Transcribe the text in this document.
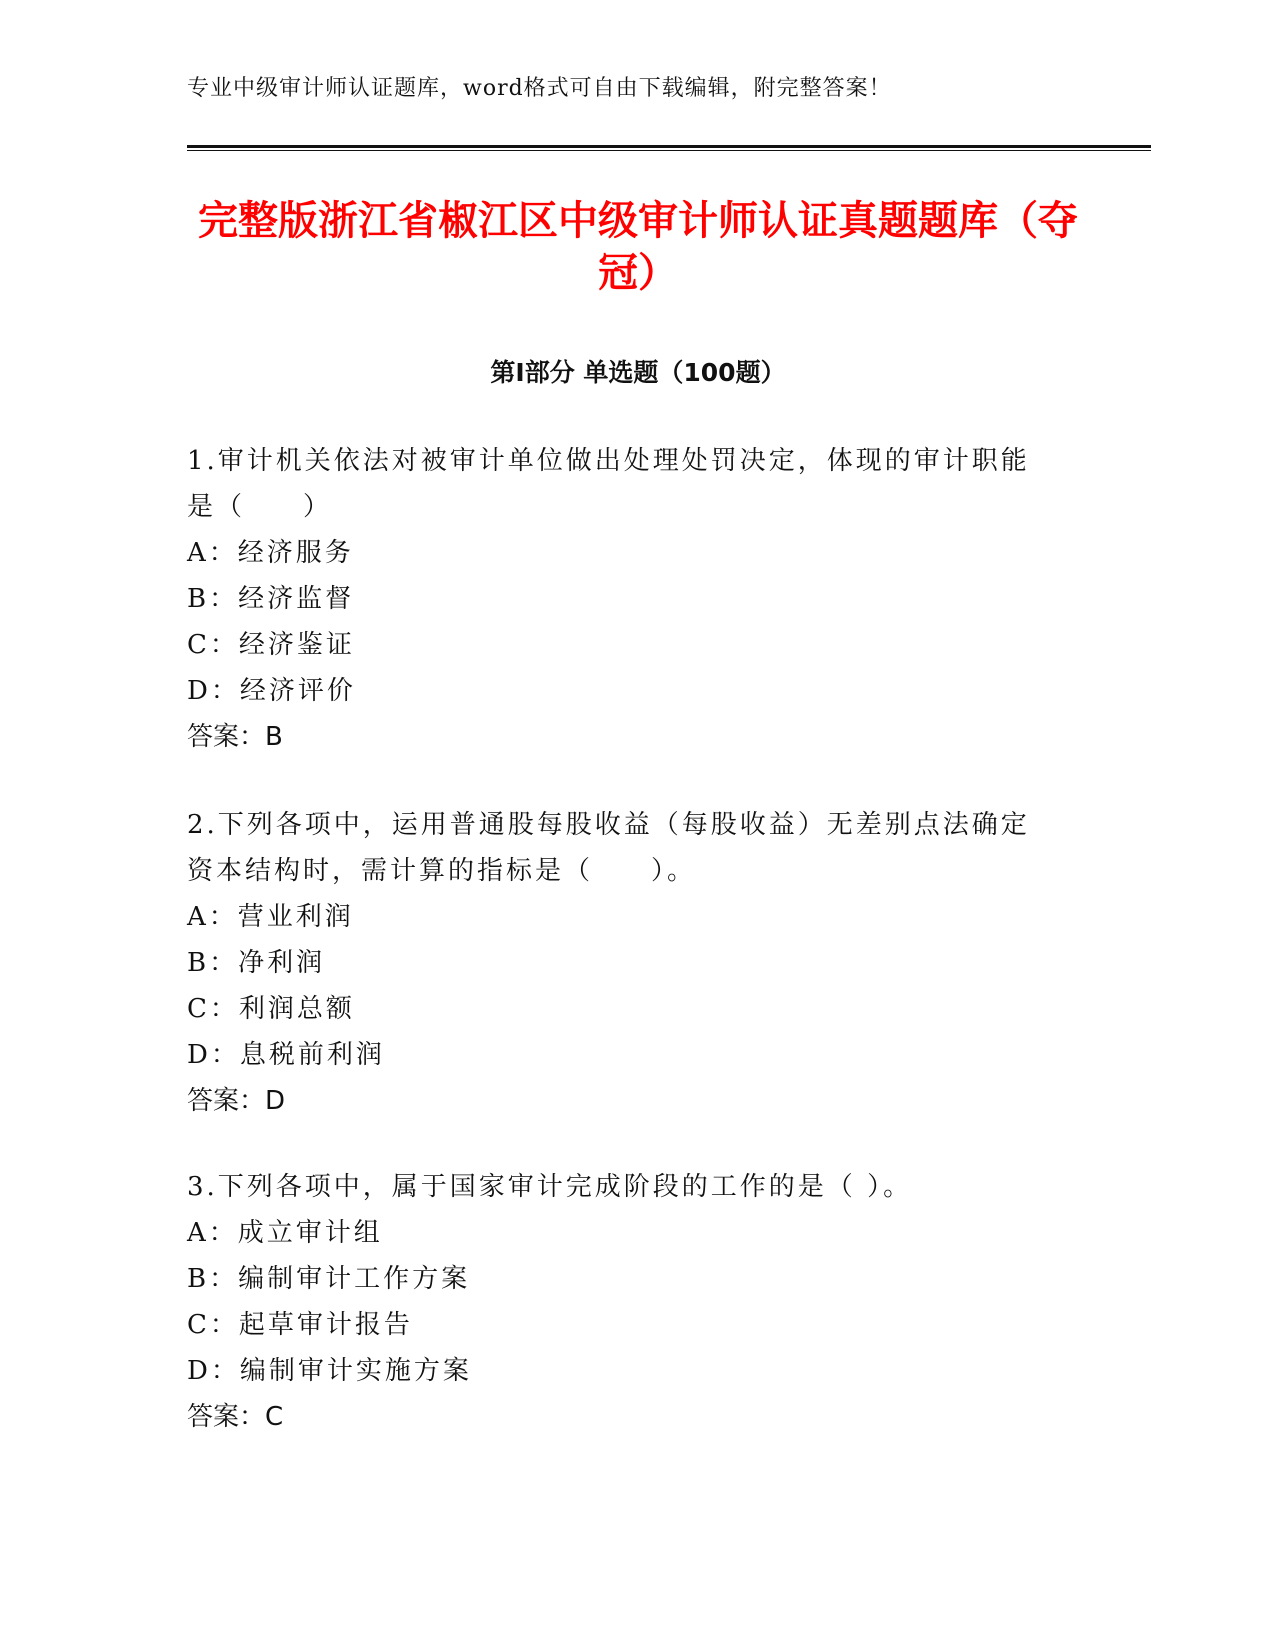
专业中级审计师认证题库，word格式可自由下载编辑，附完整答案！
完整版浙江省椒江区中级审计师认证真题题库（夺冠）
第Ⅰ部分 单选题（100题）
1.审计机关依法对被审计单位做出处理处罚决定，体现的审计职能是（　　）
A：经济服务
B：经济监督
C：经济鉴证
D：经济评价
答案：B
2.下列各项中，运用普通股每股收益（每股收益）无差别点法确定资本结构时，需计算的指标是（　　）。
A：营业利润
B：净利润
C：利润总额
D：息税前利润
答案：D
3.下列各项中，属于国家审计完成阶段的工作的是（ ）。
A：成立审计组
B：编制审计工作方案
C：起草审计报告
D：编制审计实施方案
答案：C
